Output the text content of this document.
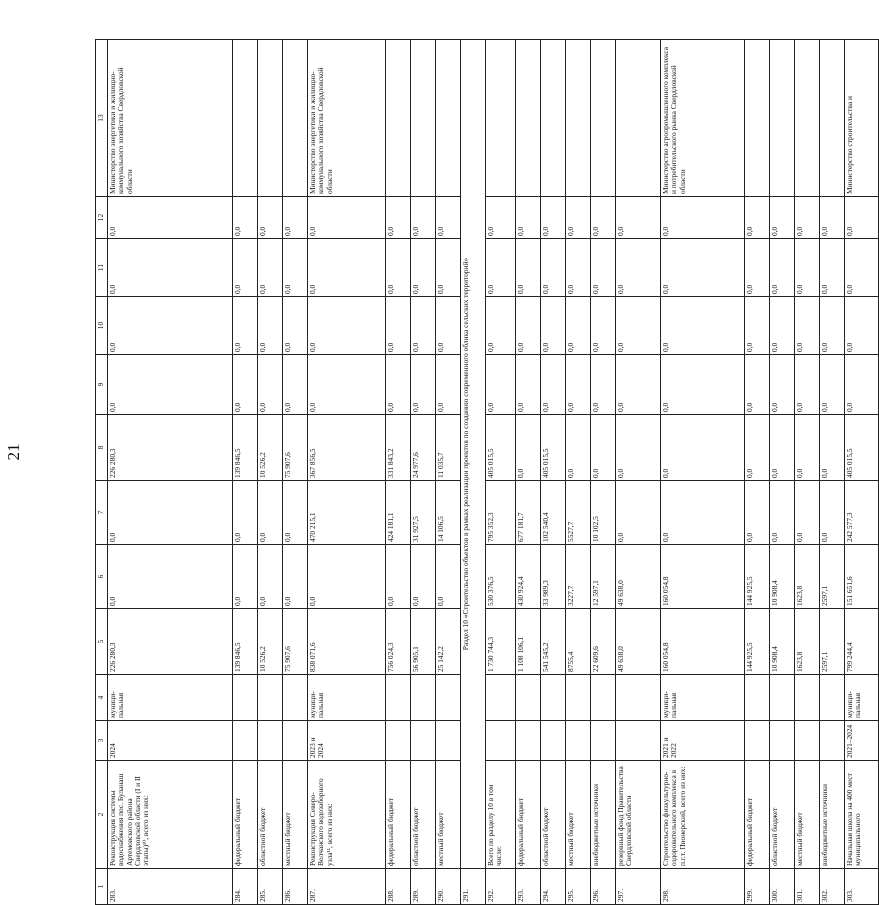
21
1	2	3	4	5	6	7	8	9	10	11	12	13
283.	Реконструкция системы водоснабжения пос. Буланаш Артемовского района Свердловской области (I и II этапы)¹⁰, всего из них:	2024	муници-пальная	226 280,3	0,0	0,0	226 280,3	0,0	0,0	0,0	0,0	Министерство энергетики и жилищно-коммунального хозяйства Свердловской области
284.	федеральный бюджет			139 846,5	0,0	0,0	139 846,5	0,0	0,0	0,0	0,0	
285.	областной бюджет			10 526,2	0,0	0,0	10 526,2	0,0	0,0	0,0	0,0	
286.	местный бюджет			75 907,6	0,0	0,0	75 907,6	0,0	0,0	0,0	0,0	
287.	Реконструкция Северо-Волчанского водозаборного узла¹¹, всего из них:	2023 и 2024	муници-пальная	838 071,6	0,0	470 215,1	367 856,5	0,0	0,0	0,0	0,0	Министерство энергетики и жилищно-коммунального хозяйства Свердловской области
288.	федеральный бюджет			756 024,3	0,0	424 181,1	331 843,2	0,0	0,0	0,0	0,0	
289.	областной бюджет			56 905,1	0,0	31 927,5	24 977,6	0,0	0,0	0,0	0,0	
290.	местный бюджет			25 142,2	0,0	14 106,5	11 035,7	0,0	0,0	0,0	0,0	
291.	Раздел 10 «Строительство объектов в рамках реализации проектов по созданию современного облика сельских территорий»											
292.	Всего по разделу 10 в том числе:			1 730 744,3	530 376,5	795 352,3	405 015,5	0,0	0,0	0,0	0,0	
293.	федеральный бюджет			1 108 106,1	430 924,4	677 181,7	0,0	0,0	0,0	0,0	0,0	
294.	областной бюджет			541 545,2	33 989,3	102 540,4	405 015,5	0,0	0,0	0,0	0,0	
295.	местный бюджет			8755,4	3227,7	5527,7	0,0	0,0	0,0	0,0	0,0	
296.	внебюджетные источники			22 609,6	12 597,1	10 102,5	0,0	0,0	0,0	0,0	0,0	
297.	резервный фонд Правительства Свердловской области			49 638,0	49 638,0	0,0	0,0	0,0	0,0	0,0	0,0	
298.	Строительство физкультурно-оздоровительного комплекса в п.г.т. Пионерский, всего из них:	2021 и 2022	муници-пальная	160 054,8	160 054,8	0,0	0,0	0,0	0,0	0,0	0,0	Министерство агропромышленного комплекса и потребительского рынка Свердловской области
299.	федеральный бюджет			144 925,5	144 925,5	0,0	0,0	0,0	0,0	0,0	0,0	
300.	областной бюджет			10 908,4	10 908,4	0,0	0,0	0,0	0,0	0,0	0,0	
301.	местный бюджет			1623,8	1623,8	0,0	0,0	0,0	0,0	0,0	0,0	
302.	внебюджетные источники			2597,1	2597,1	0,0	0,0	0,0	0,0	0,0	0,0	
303.	Начальная школа на 400 мест муниципального	2021–2024	муници-пальная	799 244,4	151 651,6	242 577,3	405 015,5	0,0	0,0	0,0	0,0	Министерство строительства и
